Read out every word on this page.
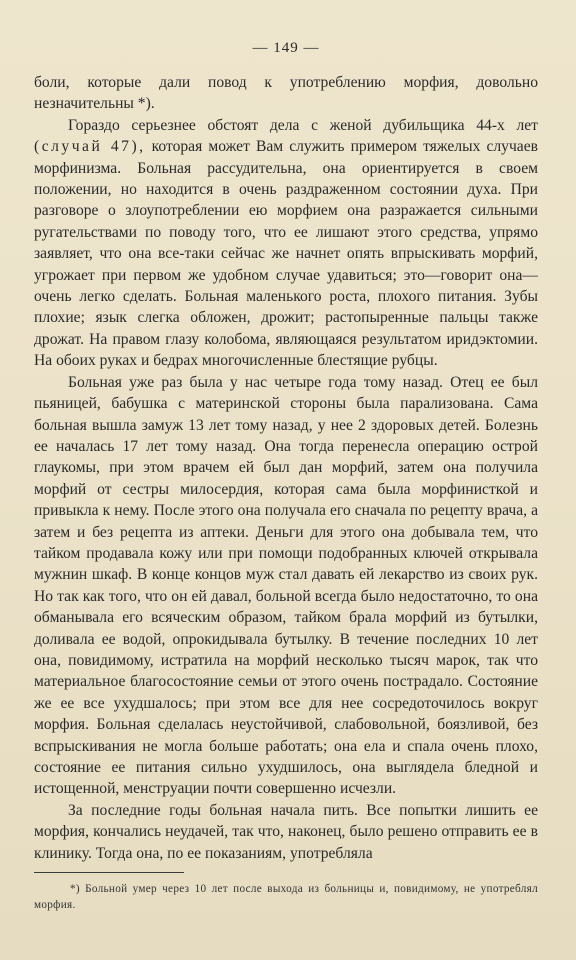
— 149 —

боли, которые дали повод к употреблению морфия, довольно незначительны *).

Гораздо серьезнее обстоят дела с женой дубильщика 44-х лет (случай 47), которая может Вам служить примером тяжелых случаев морфинизма. Больная рассудительна, она ориентируется в своем положении, но находится в очень раздраженном состоянии духа. При разговоре о злоупотреблении ею морфием она разражается сильными ругательствами по поводу того, что ее лишают этого средства, упрямо заявляет, что она все-таки сейчас же начнет опять впрыскивать морфий, угрожает при первом же удобном случае удавиться; это—говорит она—очень легко сделать. Больная маленького роста, плохого питания. Зубы плохие; язык слегка обложен, дрожит; растопыренные пальцы также дрожат. На правом глазу колобома, являющаяся результатом иридэктомии. На обоих руках и бедрах многочисленные блестящие рубцы.

Больная уже раз была у нас четыре года тому назад. Отец ее был пьяницей, бабушка с материнской стороны была парализована. Сама больная вышла замуж 13 лет тому назад, у нее 2 здоровых детей. Болезнь ее началась 17 лет тому назад. Она тогда перенесла операцию острой глаукомы, при этом врачем ей был дан морфий, затем она получила морфий от сестры милосердия, которая сама была морфинисткой и привыкла к нему. После этого она получала его сначала по рецепту врача, а затем и без рецепта из аптеки. Деньги для этого она добывала тем, что тайком продавала кожу или при помощи подобранных ключей открывала мужнин шкаф. В конце концов муж стал давать ей лекарство из своих рук. Но так как того, что он ей давал, больной всегда было недостаточно, то она обманывала его всяческим образом, тайком брала морфий из бутылки, доливала ее водой, опрокидывала бутылку. В течение последних 10 лет она, повидимому, истратила на морфий несколько тысяч марок, так что материальное благосостояние семьи от этого очень пострадало. Состояние же ее все ухудшалось; при этом все для нее сосредоточилось вокруг морфия. Больная сделалась неустойчивой, слабовольной, боязливой, без вспрыскивания не могла больше работать; она ела и спала очень плохо, состояние ее питания сильно ухудшилось, она выглядела бледной и истощенной, менструации почти совершенно исчезли.

За последние годы больная начала пить. Все попытки лишить ее морфия, кончались неудачей, так что, наконец, было решено отправить ее в клинику. Тогда она, по ее показаниям, употребляла

*) Больной умер через 10 лет после выхода из больницы и, повидимому, не употреблял морфия.
